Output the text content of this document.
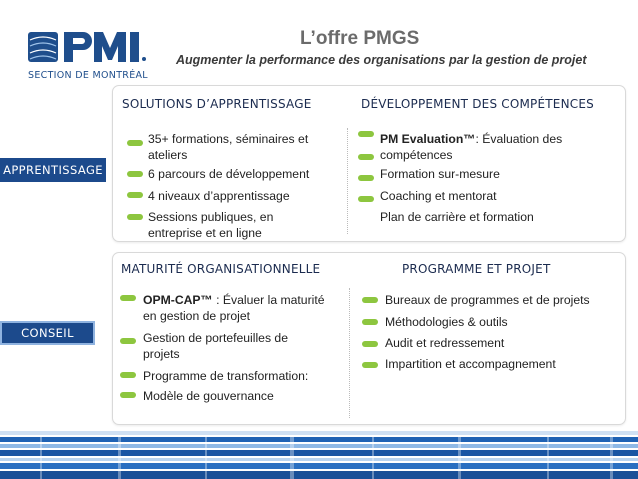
SECTION DE MONTRÉAL
L’offre PMGS
Augmenter la performance des organisations par la gestion de projet
APPRENTISSAGE
CONSEIL
SOLUTIONS D’APPRENTISSAGE	DÉVELOPPEMENT DES COMPÉTENCES
35+ formations, séminaires et
ateliers
6 parcours de développement
4 niveaux d’apprentissage
Sessions publiques, en
entreprise et en ligne
PM Evaluation™: Évaluation des
compétences
Formation sur-mesure
Coaching et mentorat
Plan de carrière et formation
MATURITÉ ORGANISATIONNELLE	PROGRAMME ET PROJET
OPM-CAP™ : Évaluer la maturité
en gestion de projet
Gestion de portefeuilles de
projets
Programme de transformation:
Modèle de gouvernance
Bureaux de programmes et de projets
Méthodologies & outils
Audit et redressement
Impartition et accompagnement
